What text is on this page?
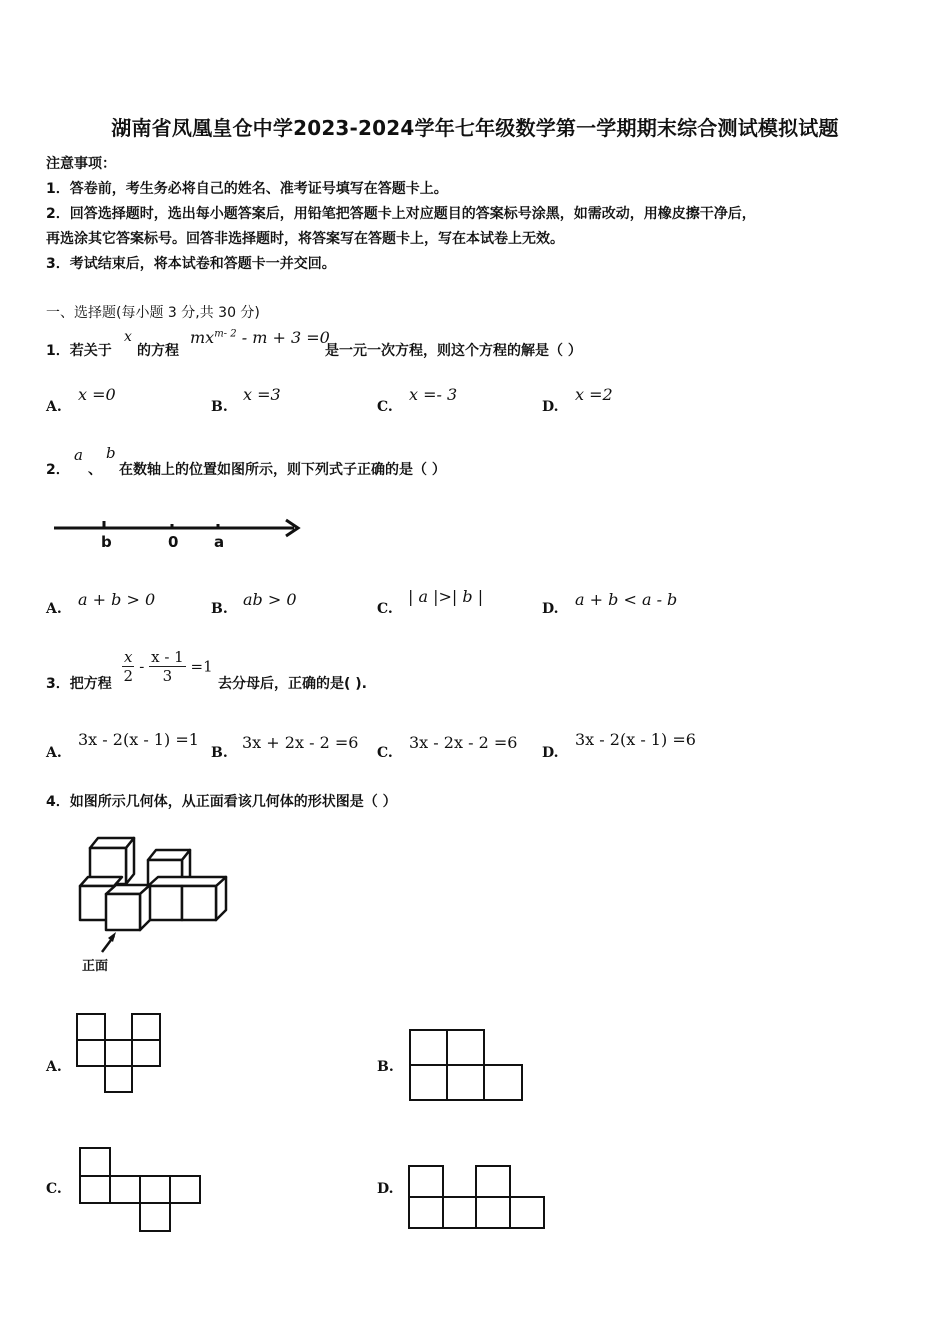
湖南省凤凰皇仓中学2023-2024学年七年级数学第一学期期末综合测试模拟试题
注意事项：
1．答卷前，考生务必将自己的姓名、准考证号填写在答题卡上。
2．回答选择题时，选出每小题答案后，用铅笔把答题卡上对应题目的答案标号涂黑，如需改动，用橡皮擦干净后，
再选涂其它答案标号。回答非选择题时，将答案写在答题卡上，写在本试卷上无效。
3．考试结束后，将本试卷和答题卡一并交回。
一、选择题(每小题 3 分,共 30 分)
1．若关于
x
的方程
$mx^{m- 2} - m + 3 =0$
是一元一次方程，则这个方程的解是（ ）
A.
x =0
B.
x =3
C.
x =- 3
D.
x =2
2．
a
、
b
在数轴上的位置如图所示，则下列式子正确的是（ ）
b	0 a
A. a + b > 0	B. ab > 0	C.
| a |>| b |
D. a + b < a - b
3．把方程 $\frac{x}{2} - \frac{x - 1}{3} =1$
去分母后，正确的是( ).
A.
3x - 2(x - 1) =1
B.
3x + 2x - 2 =6
C.
3x - 2x - 2 =6
D.
3x - 2(x - 1) =6
4．如图所示几何体，从正面看该几何体的形状图是（ ）
正面
A.	B.
C.	D.
